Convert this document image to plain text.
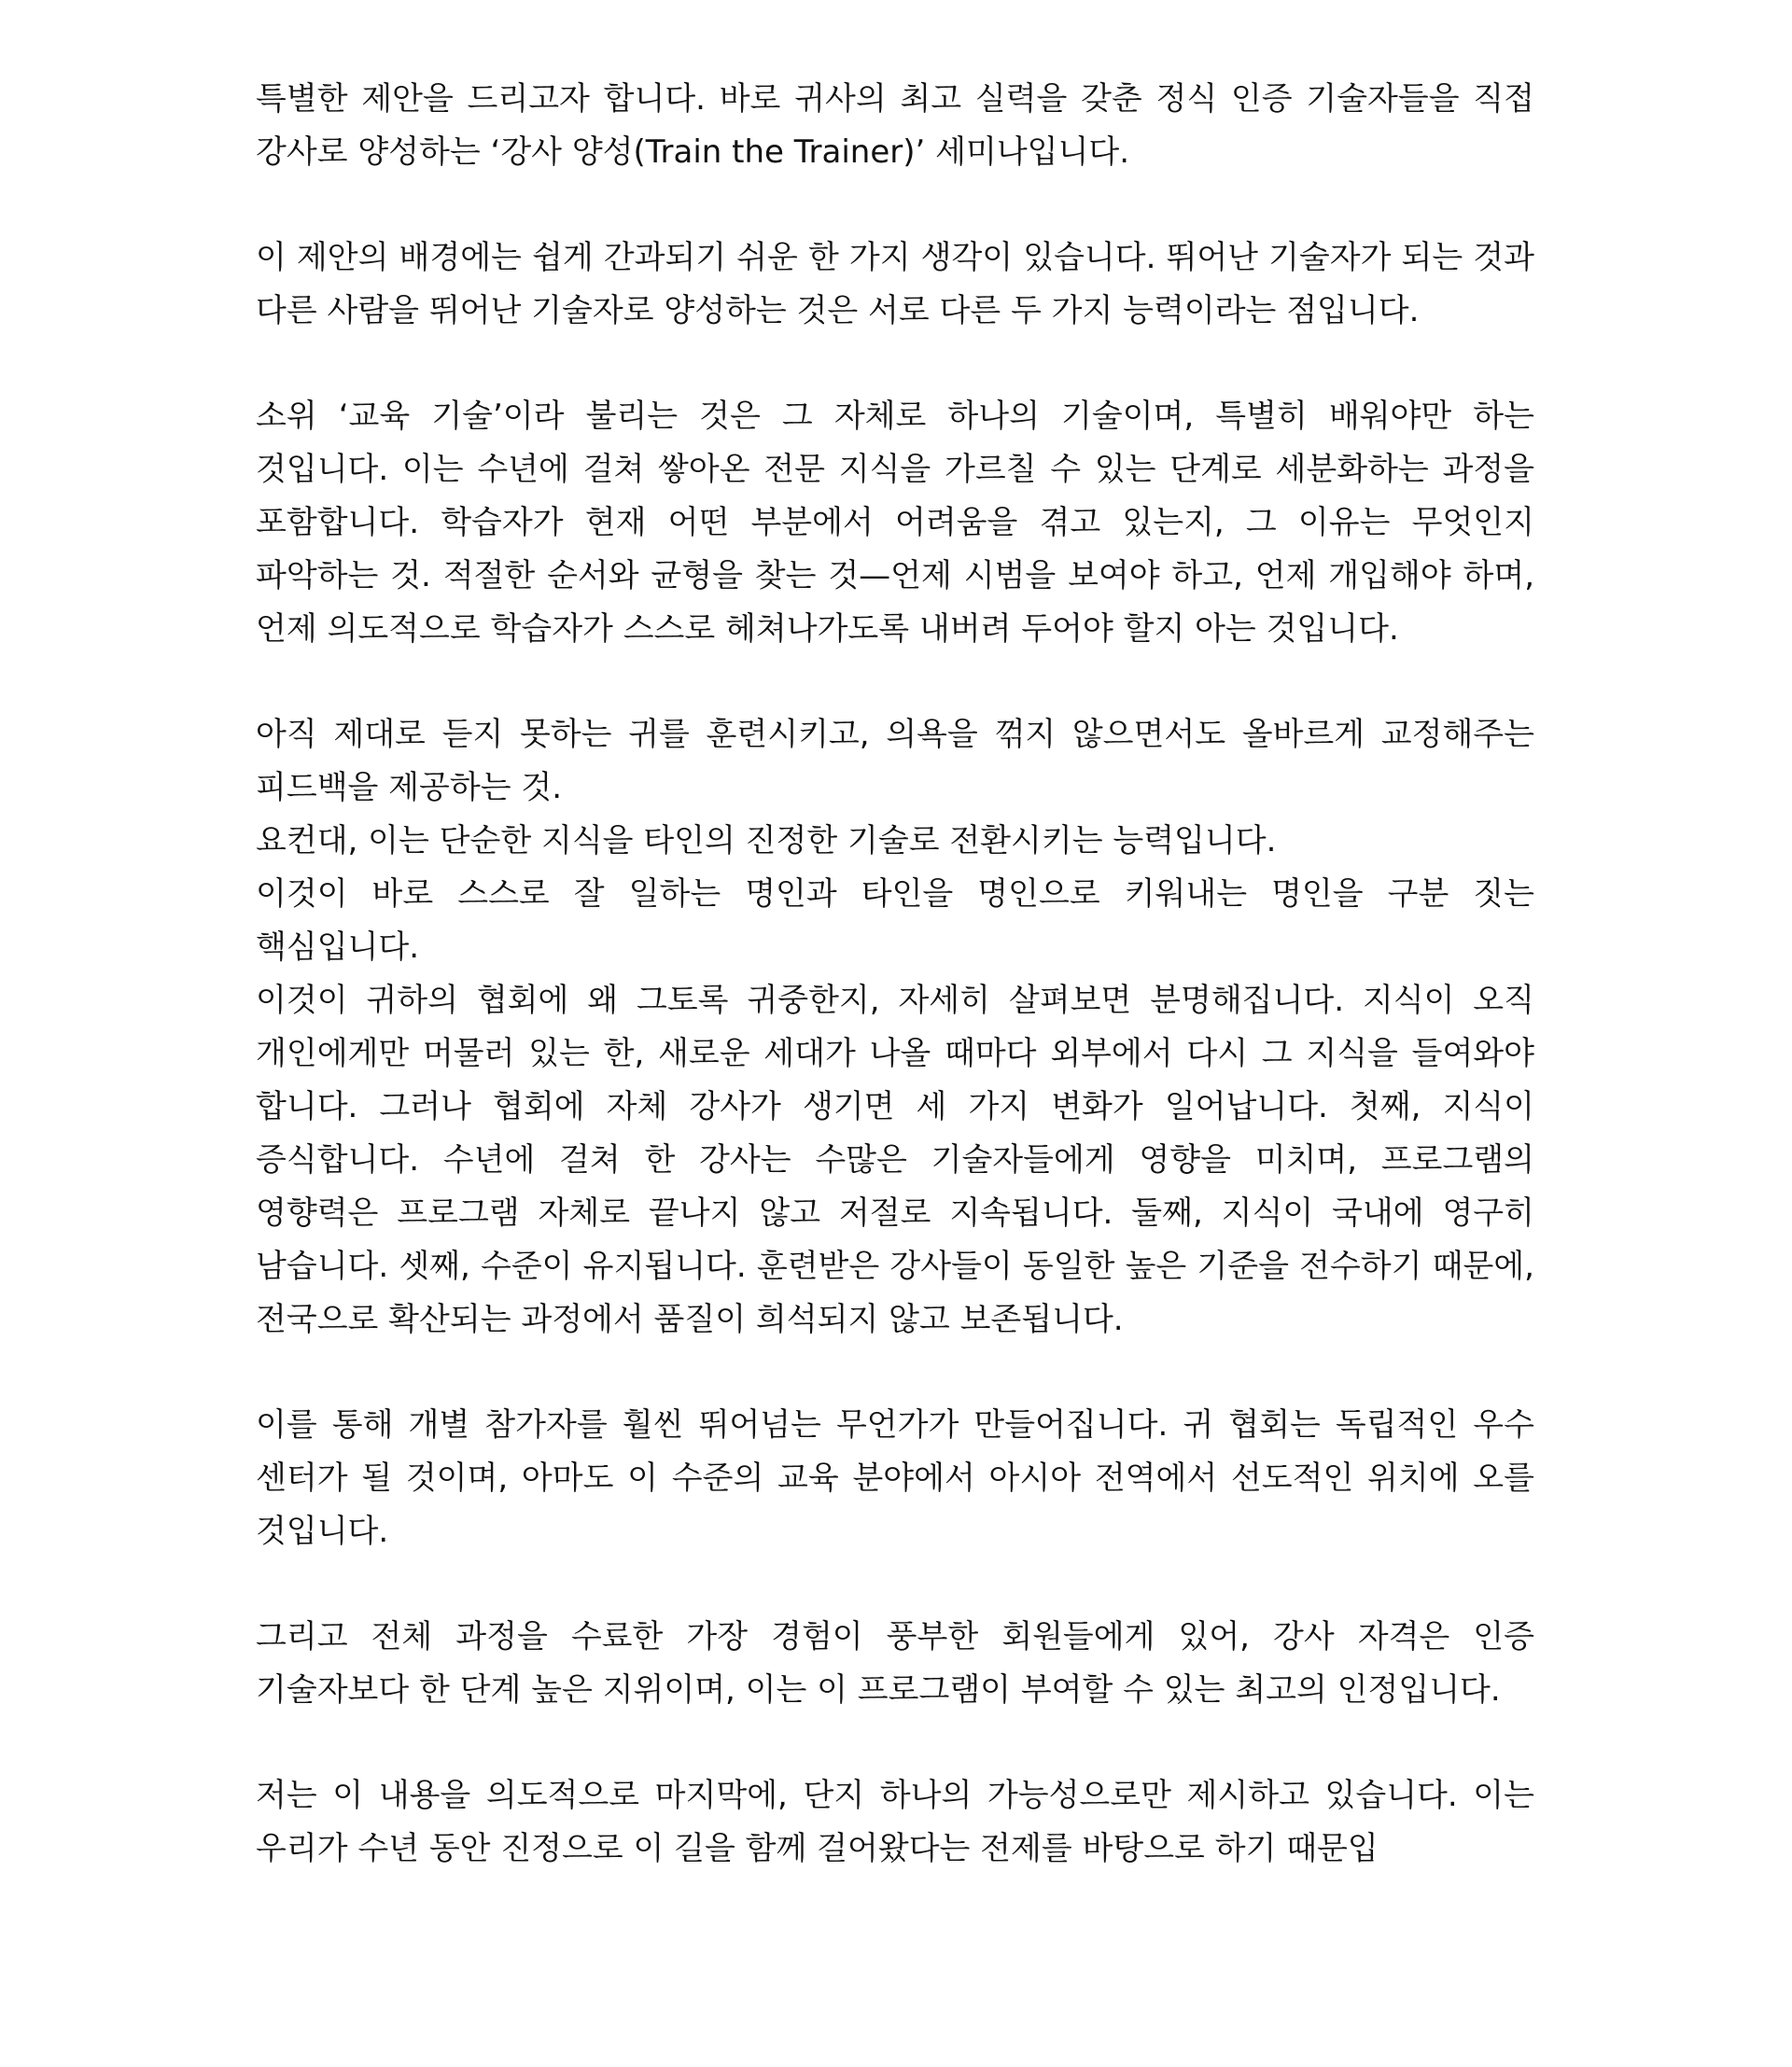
특별한 제안을 드리고자 합니다. 바로 귀사의 최고 실력을 갖춘 정식 인증 기술자들을 직접 강사로 양성하는 ‘강사 양성(Train the Trainer)’ 세미나입니다.

이 제안의 배경에는 쉽게 간과되기 쉬운 한 가지 생각이 있습니다. 뛰어난 기술자가 되는 것과 다른 사람을 뛰어난 기술자로 양성하는 것은 서로 다른 두 가지 능력이라는 점입니다.

소위 ‘교육 기술’이라 불리는 것은 그 자체로 하나의 기술이며, 특별히 배워야만 하는 것입니다. 이는 수년에 걸쳐 쌓아온 전문 지식을 가르칠 수 있는 단계로 세분화하는 과정을 포함합니다. 학습자가 현재 어떤 부분에서 어려움을 겪고 있는지, 그 이유는 무엇인지 파악하는 것. 적절한 순서와 균형을 찾는 것—언제 시범을 보여야 하고, 언제 개입해야 하며, 언제 의도적으로 학습자가 스스로 헤쳐나가도록 내버려 두어야 할지 아는 것입니다.

아직 제대로 듣지 못하는 귀를 훈련시키고, 의욕을 꺾지 않으면서도 올바르게 교정해주는 피드백을 제공하는 것.

요컨대, 이는 단순한 지식을 타인의 진정한 기술로 전환시키는 능력입니다.

이것이 바로 스스로 잘 일하는 명인과 타인을 명인으로 키워내는 명인을 구분 짓는 핵심입니다.

이것이 귀하의 협회에 왜 그토록 귀중한지, 자세히 살펴보면 분명해집니다. 지식이 오직 개인에게만 머물러 있는 한, 새로운 세대가 나올 때마다 외부에서 다시 그 지식을 들여와야 합니다. 그러나 협회에 자체 강사가 생기면 세 가지 변화가 일어납니다. 첫째, 지식이 증식합니다. 수년에 걸쳐 한 강사는 수많은 기술자들에게 영향을 미치며, 프로그램의 영향력은 프로그램 자체로 끝나지 않고 저절로 지속됩니다. 둘째, 지식이 국내에 영구히 남습니다. 셋째, 수준이 유지됩니다. 훈련받은 강사들이 동일한 높은 기준을 전수하기 때문에, 전국으로 확산되는 과정에서 품질이 희석되지 않고 보존됩니다.

이를 통해 개별 참가자를 훨씬 뛰어넘는 무언가가 만들어집니다. 귀 협회는 독립적인 우수 센터가 될 것이며, 아마도 이 수준의 교육 분야에서 아시아 전역에서 선도적인 위치에 오를 것입니다.

그리고 전체 과정을 수료한 가장 경험이 풍부한 회원들에게 있어, 강사 자격은 인증 기술자보다 한 단계 높은 지위이며, 이는 이 프로그램이 부여할 수 있는 최고의 인정입니다.

저는 이 내용을 의도적으로 마지막에, 단지 하나의 가능성으로만 제시하고 있습니다. 이는 우리가 수년 동안 진정으로 이 길을 함께 걸어왔다는 전제를 바탕으로 하기 때문입
